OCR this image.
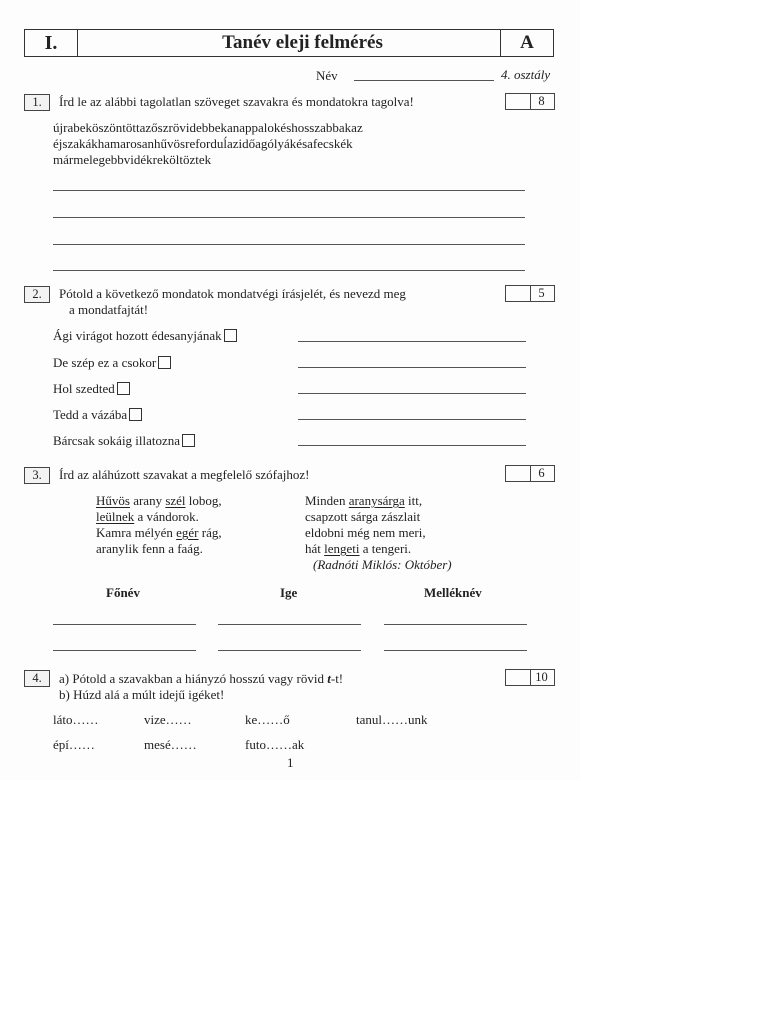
I.	Tanév eleji felmérés	A
Név	4. osztály
1.	Írd le az alábbi tagolatlan szöveget szavakra és mondatokra tagolva!	8
újrabeköszöntöttazőszrövidebbekanappalokéshosszabbakaz
éjszakákhamarosanhűvösreforduĺazidőagólyákésafecskék
mármelegebbvidékreköltöztek
2.	Pótold a következő mondatok mondatvégi írásjelét, és nevezd meg
a mondatfajtát!
5
Ági virágot hozott édesanyjának
De szép ez a csokor
Hol szedted
Tedd a vázába
Bárcsak sokáig illatozna
3.	Írd az aláhúzott szavakat a megfelelő szófajhoz!	6
Hűvös arany szél lobog,
leülnek a vándorok.
Kamra mélyén egér rág,
aranylik fenn a faág.
Minden aranysárga itt,
csapzott sárga zászlait
eldobni még nem meri,
hát lengeti a tengeri.
(Radnóti Miklós: Október)
Főnév	Ige	Melléknév
4.	a) Pótold a szavakban a hiányzó hosszú vagy rövid t-t!
b) Húzd alá a múlt idejű igéket!
10
láto……	vize……	ke……ő	tanul……unk
épí……	mesé……	futo……ak
1
